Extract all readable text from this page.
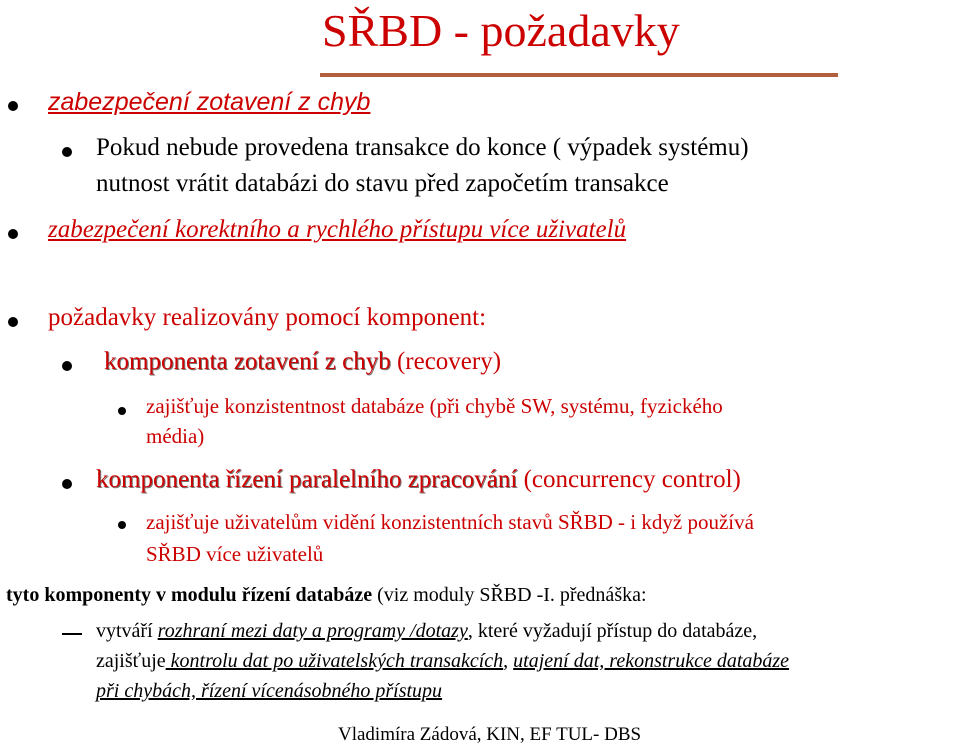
SŘBD - požadavky
zabezpečení zotavení z chyb
Pokud nebude provedena transakce do konce ( výpadek systému)
nutnost vrátit databázi do stavu před započetím transakce
zabezpečení korektního a rychlého přístupu více uživatelů
požadavky realizovány pomocí komponent:
komponenta zotavení z chyb (recovery)
zajišťuje konzistentnost databáze (při chybě SW, systému, fyzického
média)
komponenta řízení paralelního zpracování (concurrency control)
zajišťuje uživatelům vidění konzistentních stavů SŘBD - i když používá
SŘBD více uživatelů
tyto komponenty v modulu řízení databáze (viz moduly SŘBD -I. přednáška:
vytváří rozhraní mezi daty a programy /dotazy, které vyžadují přístup do databáze,
zajišťuje kontrolu dat po uživatelských transakcích, utajení dat, rekonstrukce databáze
při chybách, řízení vícenásobného přístupu
Vladimíra Zádová, KIN, EF TUL- DBS
